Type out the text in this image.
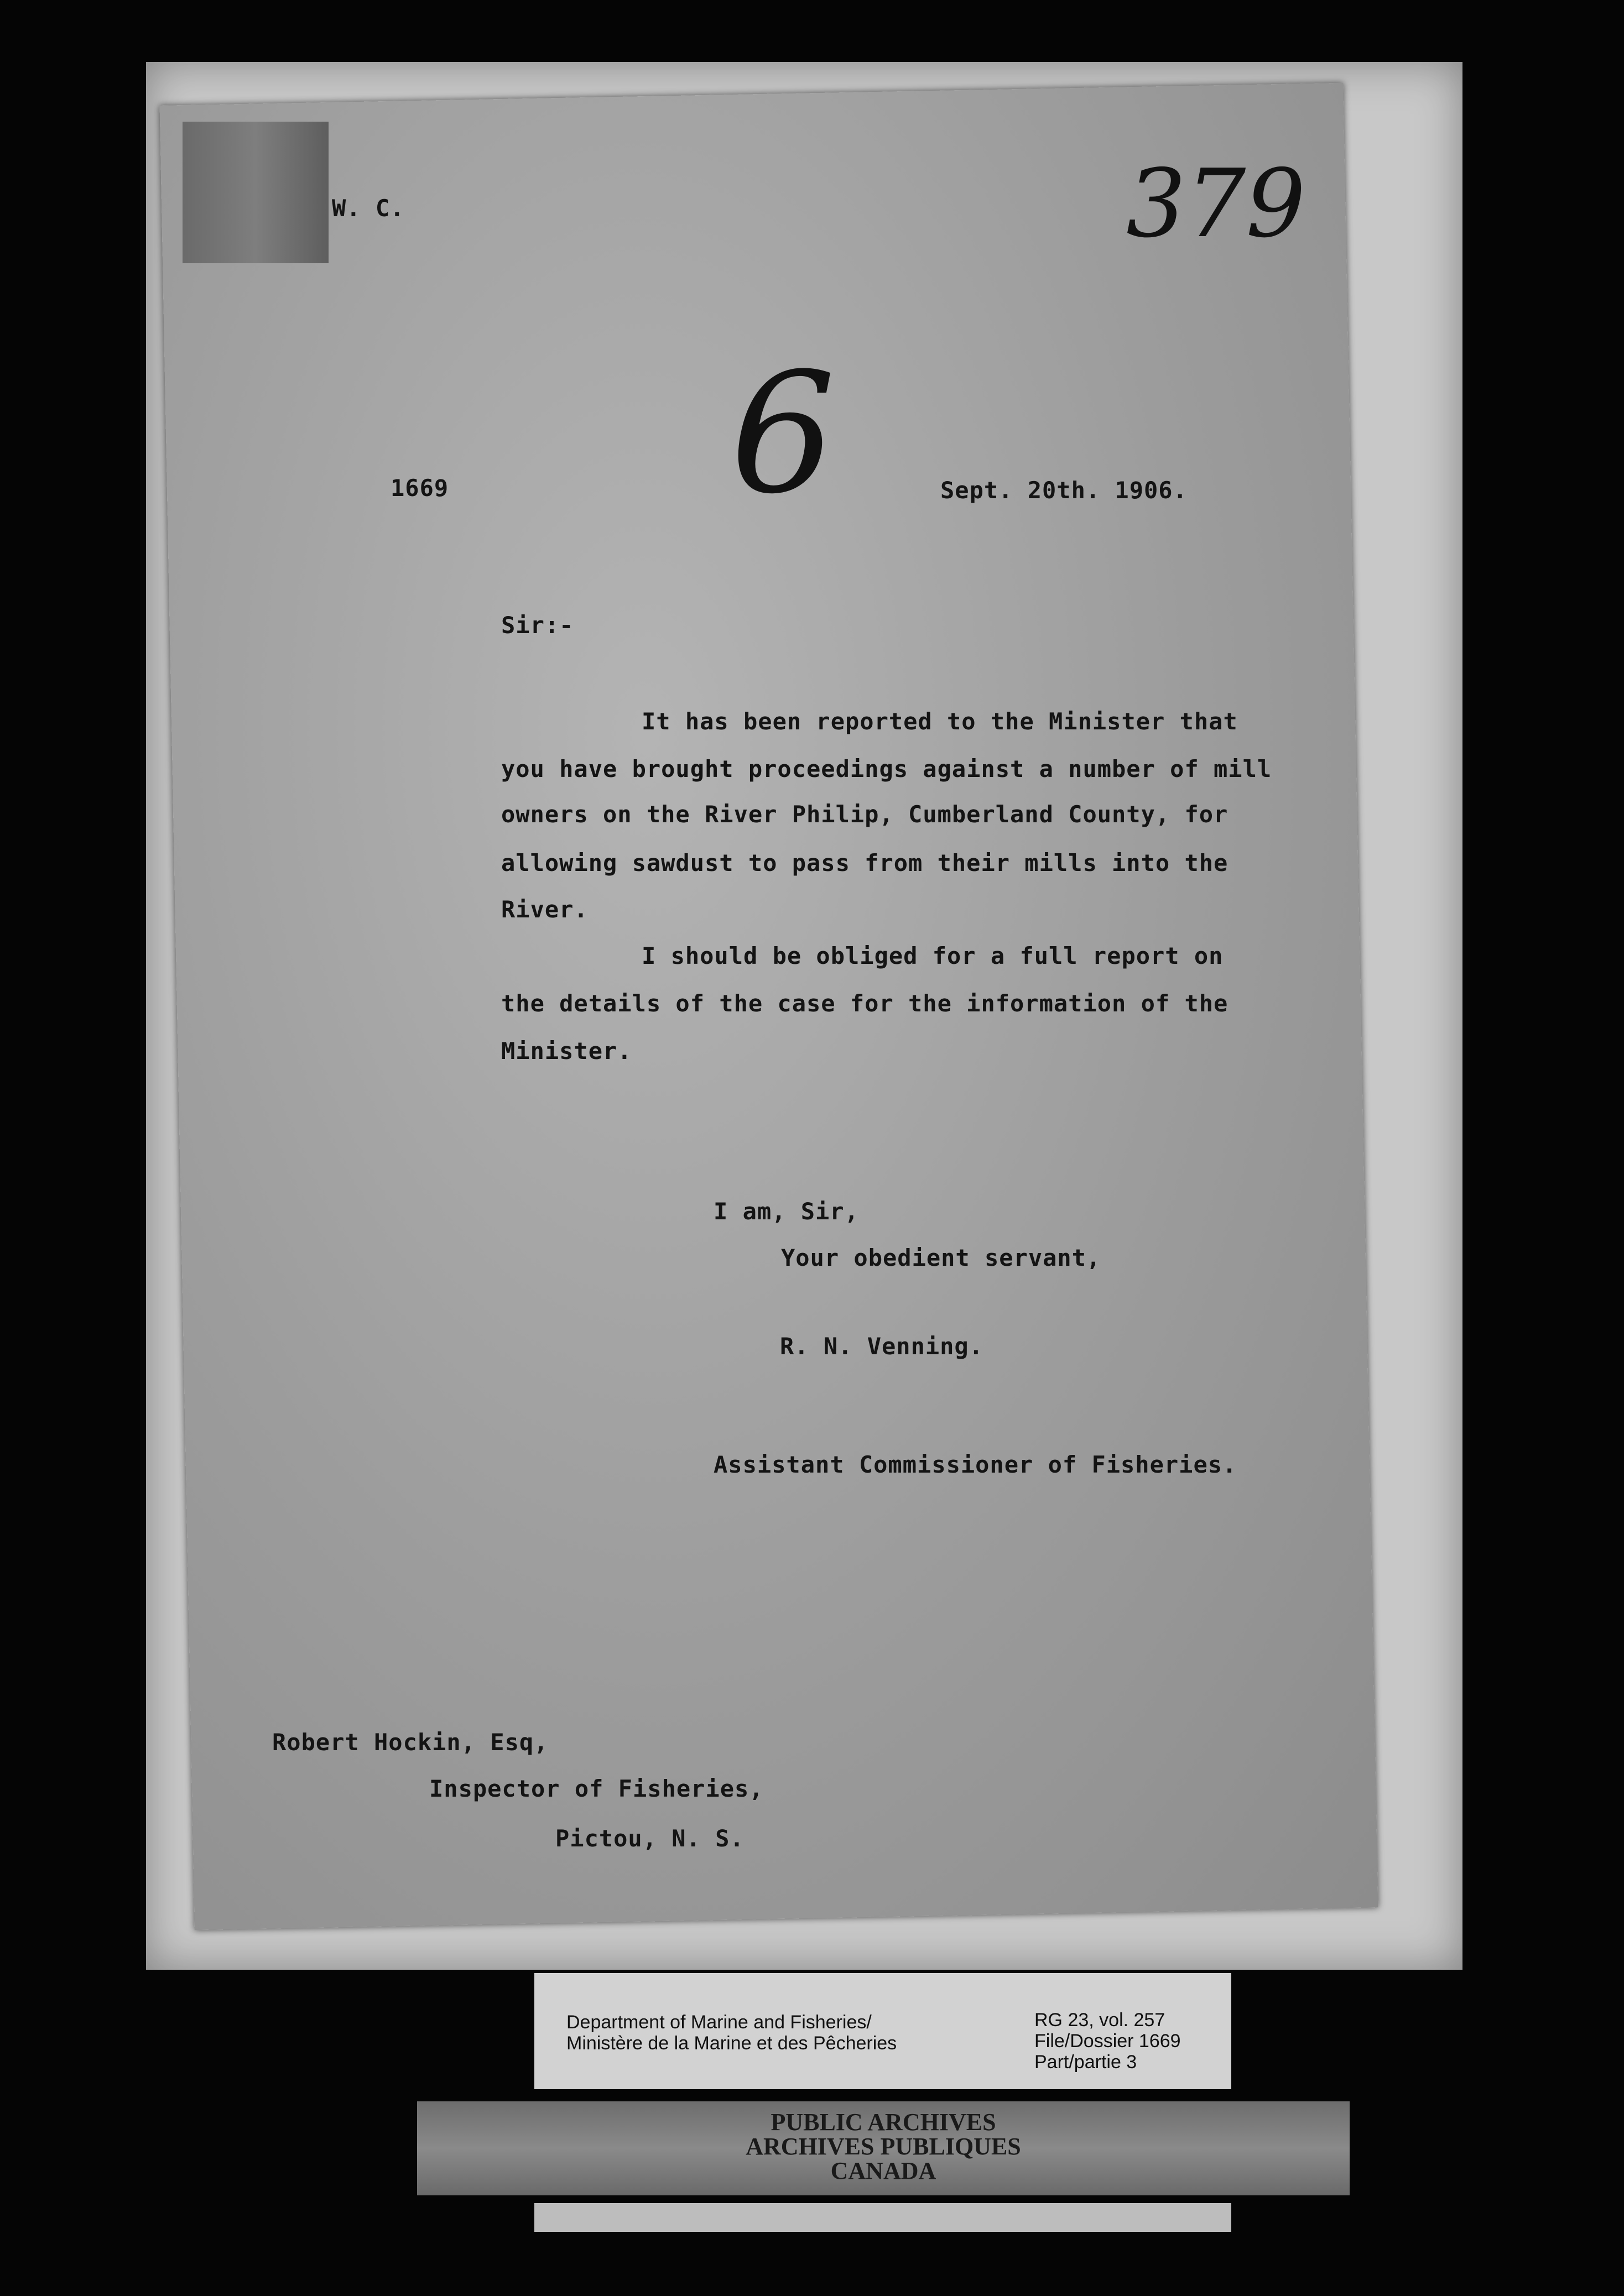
W. C.	379
6
1669	Sept. 20th. 1906.
Sir:-
It has been reported to the Minister that
you have brought proceedings against a number of mill
owners on the River Philip, Cumberland County, for
allowing sawdust to pass from their mills into the
River.
I should be obliged for a full report on
the details of the case for the information of the
Minister.
I am, Sir,
Your obedient servant,
R. N. Venning.
Assistant Commissioner of Fisheries.
Robert Hockin, Esq,
Inspector of Fisheries,
Pictou, N. S.
Department of Marine and Fisheries/
Ministère de la Marine et des Pêcheries
RG 23, vol. 257
File/Dossier 1669
Part/partie 3
PUBLIC ARCHIVES
ARCHIVES PUBLIQUES
CANADA
